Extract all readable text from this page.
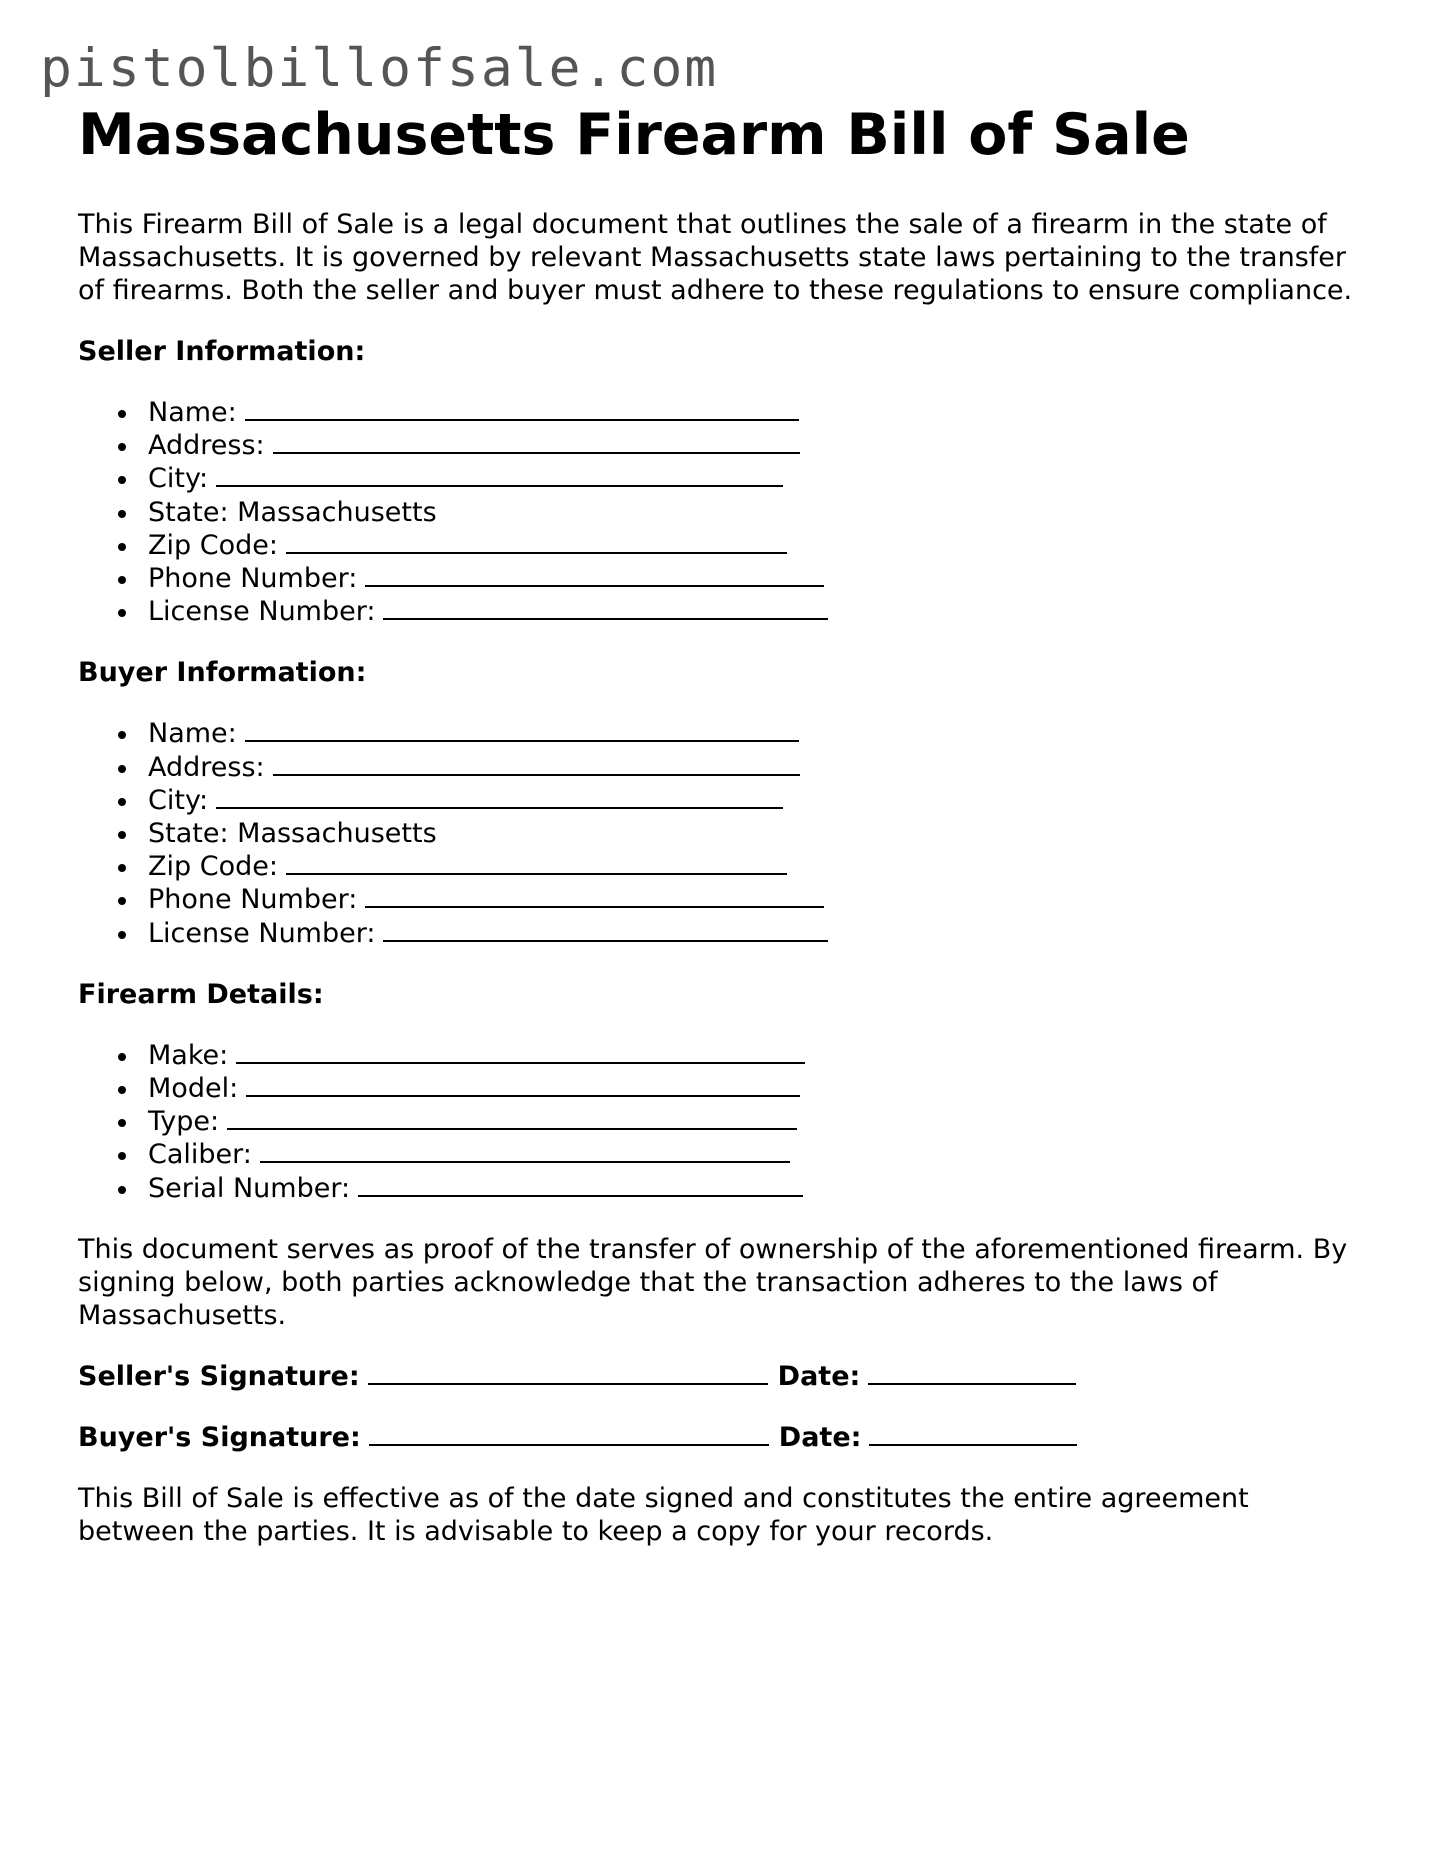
pistolbillofsale.com
Massachusetts Firearm Bill of Sale

This Firearm Bill of Sale is a legal document that outlines the sale of a firearm in the state of Massachusetts. It is governed by relevant Massachusetts state laws pertaining to the transfer of firearms. Both the seller and buyer must adhere to these regulations to ensure compliance.

Seller Information:
Name:
Address:
City:
State: Massachusetts
Zip Code:
Phone Number:
License Number:
Buyer Information:
Name:
Address:
City:
State: Massachusetts
Zip Code:
Phone Number:
License Number:
Firearm Details:
Make:
Model:
Type:
Caliber:
Serial Number:

This document serves as proof of the transfer of ownership of the aforementioned firearm. By signing below, both parties acknowledge that the transaction adheres to the laws of Massachusetts.

Seller's Signature:	Date:
Buyer's Signature:	Date:

This Bill of Sale is effective as of the date signed and constitutes the entire agreement between the parties. It is advisable to keep a copy for your records.
